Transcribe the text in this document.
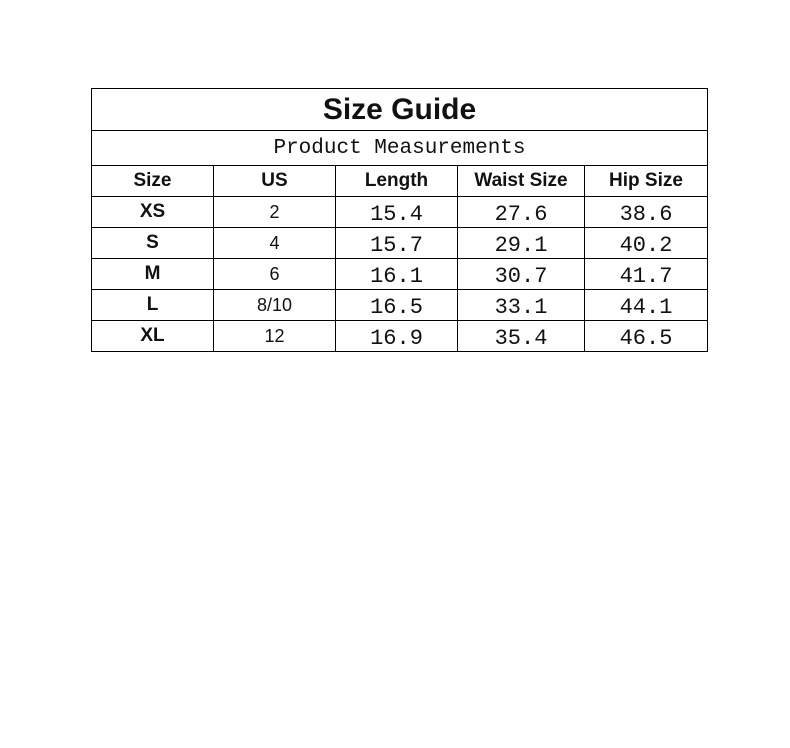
Size Guide				
Product Measurements				
Size	US	Length	Waist Size	Hip Size
XS	2	15.4	27.6	38.6
S	4	15.7	29.1	40.2
M	6	16.1	30.7	41.7
L	8/10	16.5	33.1	44.1
XL	12	16.9	35.4	46.5
